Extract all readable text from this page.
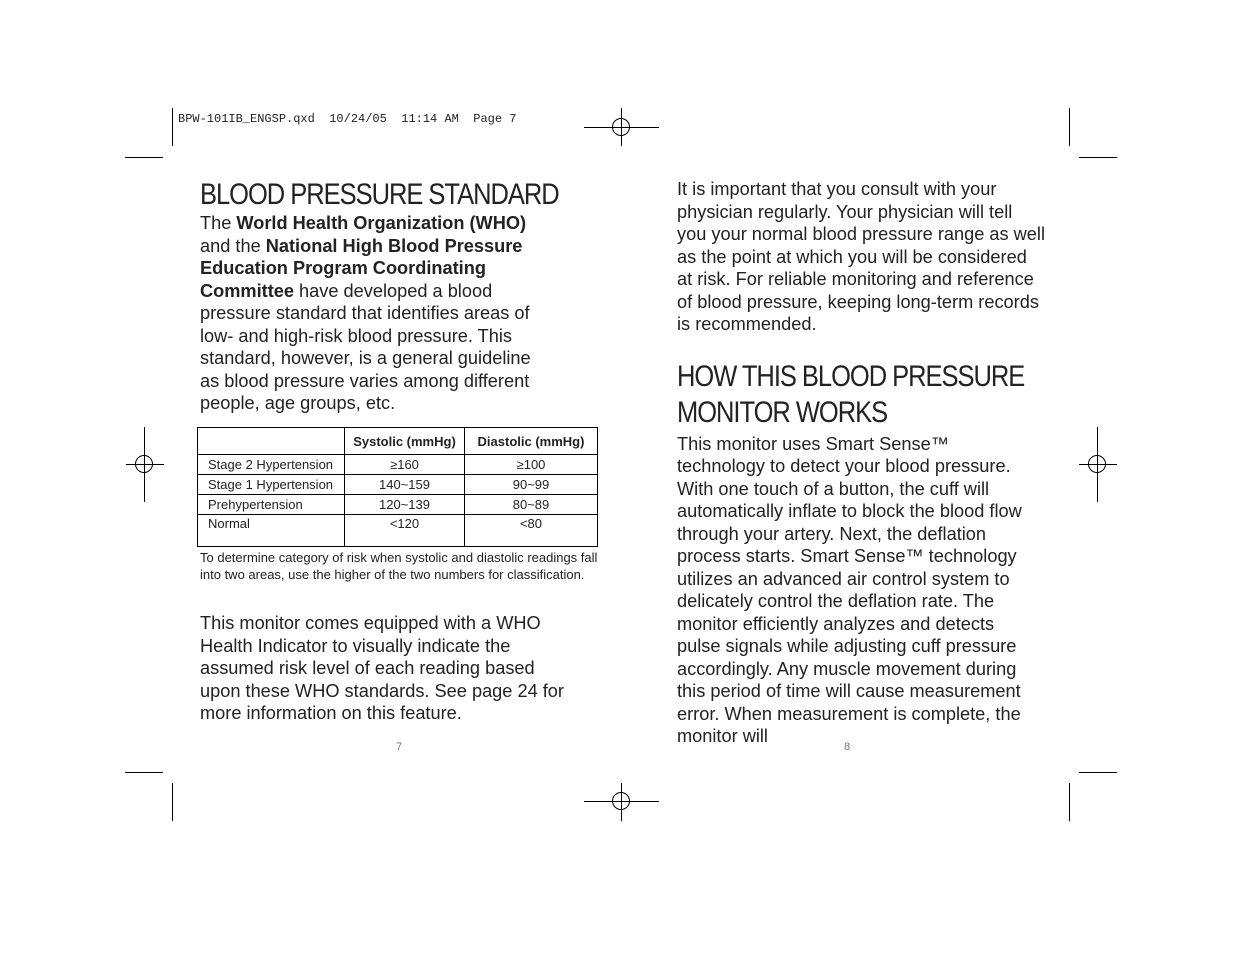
BPW-101IB_ENGSP.qxd  10/24/05  11:14 AM  Page 7
BLOOD PRESSURE STANDARD

The World Health Organization (WHO) and the National High Blood Pressure Education Program Coordinating Committee have developed a blood pressure standard that identifies areas of low- and high-risk blood pressure. This standard, however, is a general guideline as blood pressure varies among different people, age groups, etc.

	Systolic (mmHg)	Diastolic (mmHg)
Stage 2 Hypertension	≥160	≥100
Stage 1 Hypertension	140~159	90~99
Prehypertension	120~139	80~89
Normal	<120	<80
To determine category of risk when systolic and diastolic readings fall into two areas, use the higher of the two numbers for classification.

This monitor comes equipped with a WHO Health Indicator to visually indicate the assumed risk level of each reading based upon these WHO standards. See page 24 for more information on this feature.

7

It is important that you consult with your physician regularly. Your physician will tell you your normal blood pressure range as well as the point at which you will be considered at risk. For reliable monitoring and reference of blood pressure, keeping long-term records is recommended.

HOW THIS BLOOD PRESSURE
MONITOR WORKS

This monitor uses Smart Sense™ technology to detect your blood pressure. With one touch of a button, the cuff will automatically inflate to block the blood flow through your artery. Next, the deflation process starts. Smart Sense™ technology utilizes an advanced air control system to delicately control the deflation rate. The monitor efficiently analyzes and detects pulse signals while adjusting cuff pressure accordingly. Any muscle movement during this period of time will cause measurement error. When measurement is complete, the monitor will

8
